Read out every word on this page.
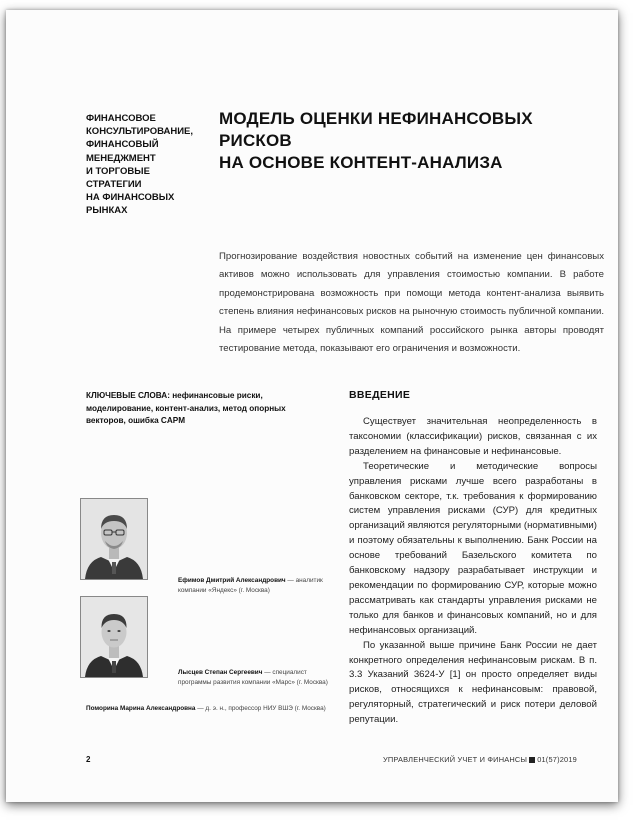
ФИНАНСОВОЕ
КОНСУЛЬТИРОВАНИЕ,
ФИНАНСОВЫЙ
МЕНЕДЖМЕНТ
И ТОРГОВЫЕ СТРАТЕГИИ
НА ФИНАНСОВЫХ
РЫНКАХ
МОДЕЛЬ ОЦЕНКИ НЕФИНАНСОВЫХ РИСКОВ
НА ОСНОВЕ КОНТЕНТ-АНАЛИЗА
Прогнозирование воздействия новостных событий на изменение цен финансовых активов можно использовать для управления стоимостью компании. В работе продемонстрирована возможность при помощи метода контент-анализа выявить степень влияния нефинансовых рисков на рыночную стоимость публичной компании. На примере четырех публичных компаний российского рынка авторы проводят тестирование метода, показывают его ограничения и возможности.
КЛЮЧЕВЫЕ СЛОВА: нефинансовые риски, моделирование, контент-анализ, метод опорных векторов, ошибка CAPM
ВВЕДЕНИЕ

Существует значительная неопределенность в таксономии (классификации) рисков, связанная с их разделением на финансовые и нефинансовые.

Теоретические и методические вопросы управления рисками лучше всего разработаны в банковском секторе, т.к. требования к формированию систем управления рисками (СУР) для кредитных организаций являются регуляторными (нормативными) и поэтому обязательны к выполнению. Банк России на основе требований Базельского комитета по банковскому надзору разрабатывает инструкции и рекомендации по формированию СУР, которые можно рассматривать как стандарты управления рисками не только для банков и финансовых компаний, но и для нефинансовых организаций.

По указанной выше причине Банк России не дает конкретного определения нефинансовым рискам. В п. 3.3 Указаний 3624-У [1] он просто определяет виды рисков, относящихся к нефинансовым: правовой, регуляторный, стратегический и риск потери деловой репутации.

Ефимов Дмитрий Александрович — аналитик компании «Яндекс» (г. Москва)
Лысцев Степан Сергеевич — специалист программы развития компании «Марс» (г. Москва)
Поморина Марина Александровна — д. э. н., профессор НИУ ВШЭ (г. Москва)
2	УПРАВЛЕНЧЕСКИЙ УЧЕТ И ФИНАНСЫ 01(57)2019
